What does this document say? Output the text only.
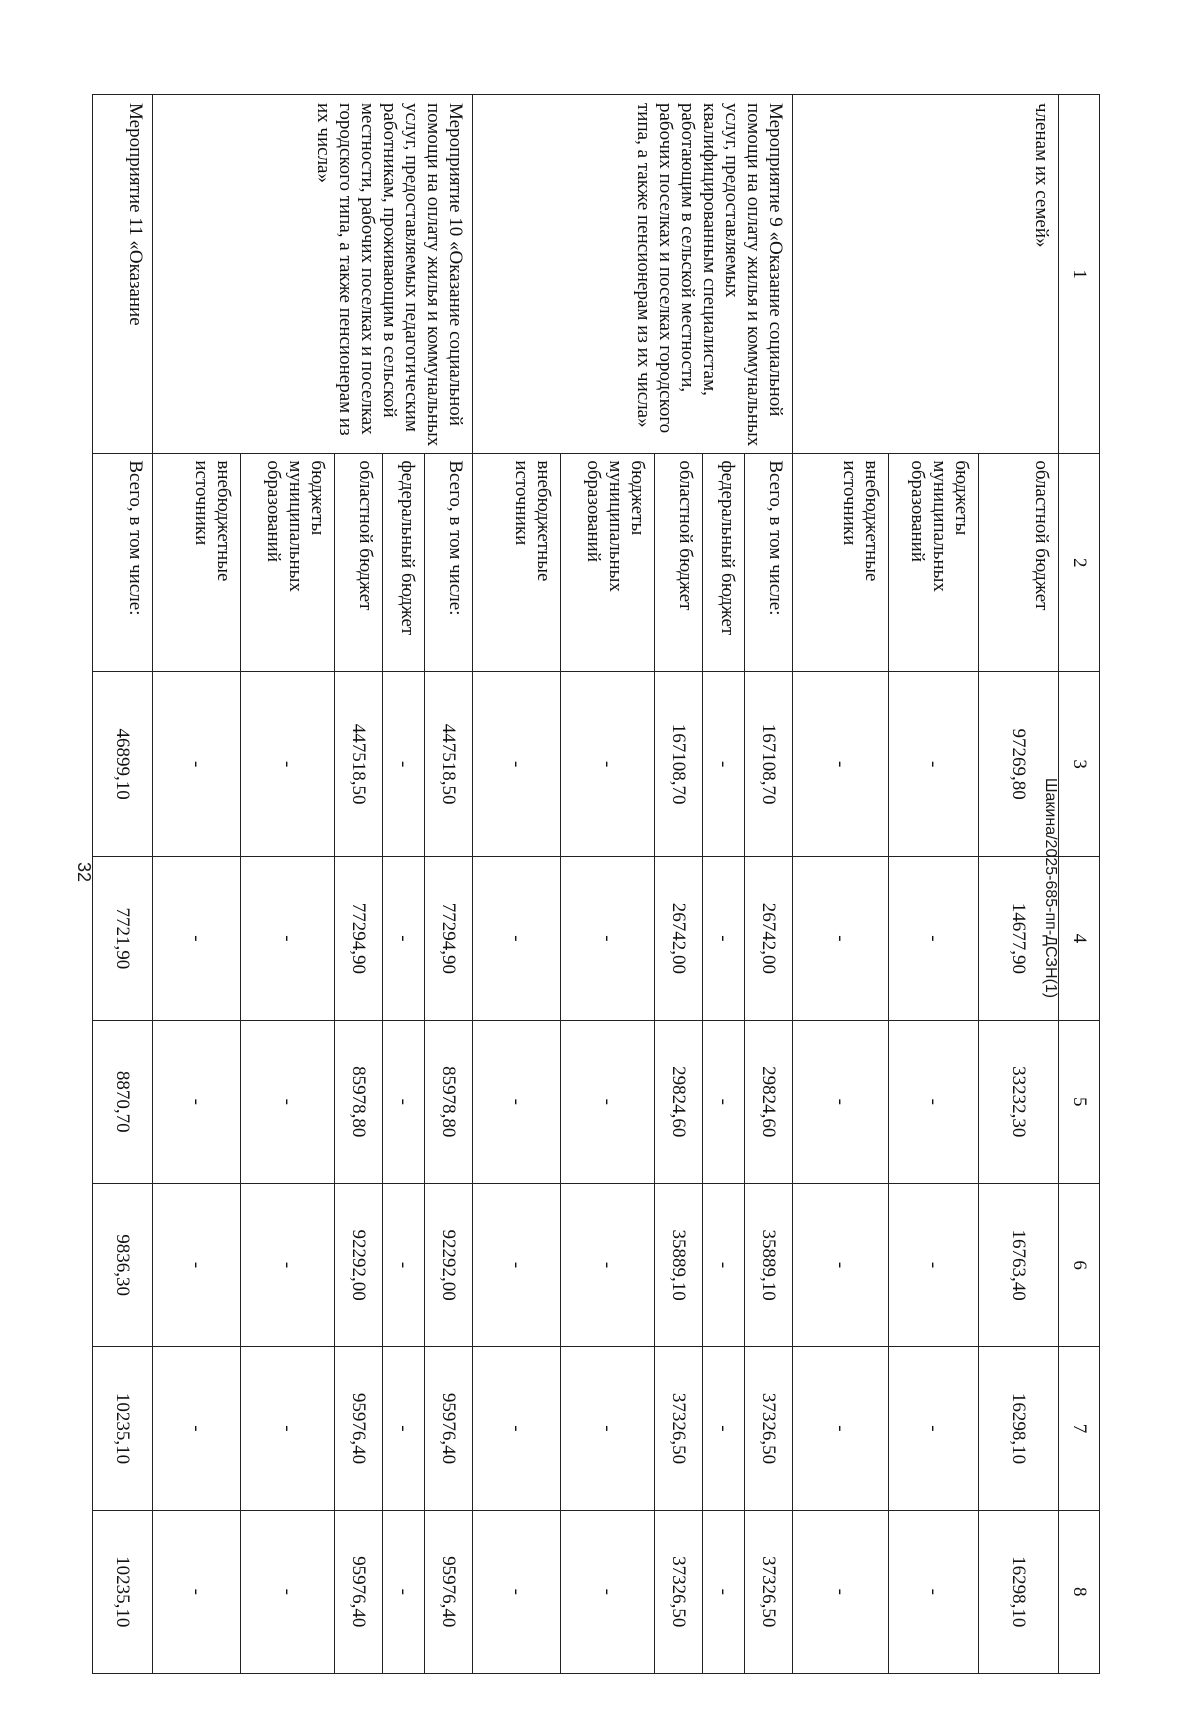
32
1	2	3	4	5	6	7	8
членам их семей»	областной бюджет	97269,80	14677,90	33232,30	16763,40	16298,10	16298,10
	бюджеты муниципальных образований	-	-	-	-	-	-
	внебюджетные источники	-	-	-	-	-	-
Мероприятие 9 «Оказание социальной помощи на оплату жилья и коммунальных услуг, предоставляемых квалифицированным специалистам, работающим в сельской местности, рабочих поселках и поселках городского типа, а также пенсионерам из их числа»	Всего, в том числе:	167108,70	26742,00	29824,60	35889,10	37326,50	37326,50
	федеральный бюджет	-	-	-	-	-	-
	областной бюджет	167108,70	26742,00	29824,60	35889,10	37326,50	37326,50
	бюджеты муниципальных образований	-	-	-	-	-	-
	внебюджетные источники	-	-	-	-	-	-
Мероприятие 10 «Оказание социальной помощи на оплату жилья и коммунальных услуг, предоставляемых педагогическим работникам, проживающим в сельской местности, рабочих поселках и поселках городского типа, а также пенсионерам из их числа»	Всего, в том числе:	447518,50	77294,90	85978,80	92292,00	95976,40	95976,40
	федеральный бюджет	-	-	-	-	-	-
	областной бюджет	447518,50	77294,90	85978,80	92292,00	95976,40	95976,40
	бюджеты муниципальных образований	-	-	-	-	-	-
	внебюджетные источники	-	-	-	-	-	-
Мероприятие 11 «Оказание	Всего, в том числе:	46899,10	7721,90	8870,70	9836,30	10235,10	10235,10
Шакина/2025-685-пп-ДСЗН(1)
